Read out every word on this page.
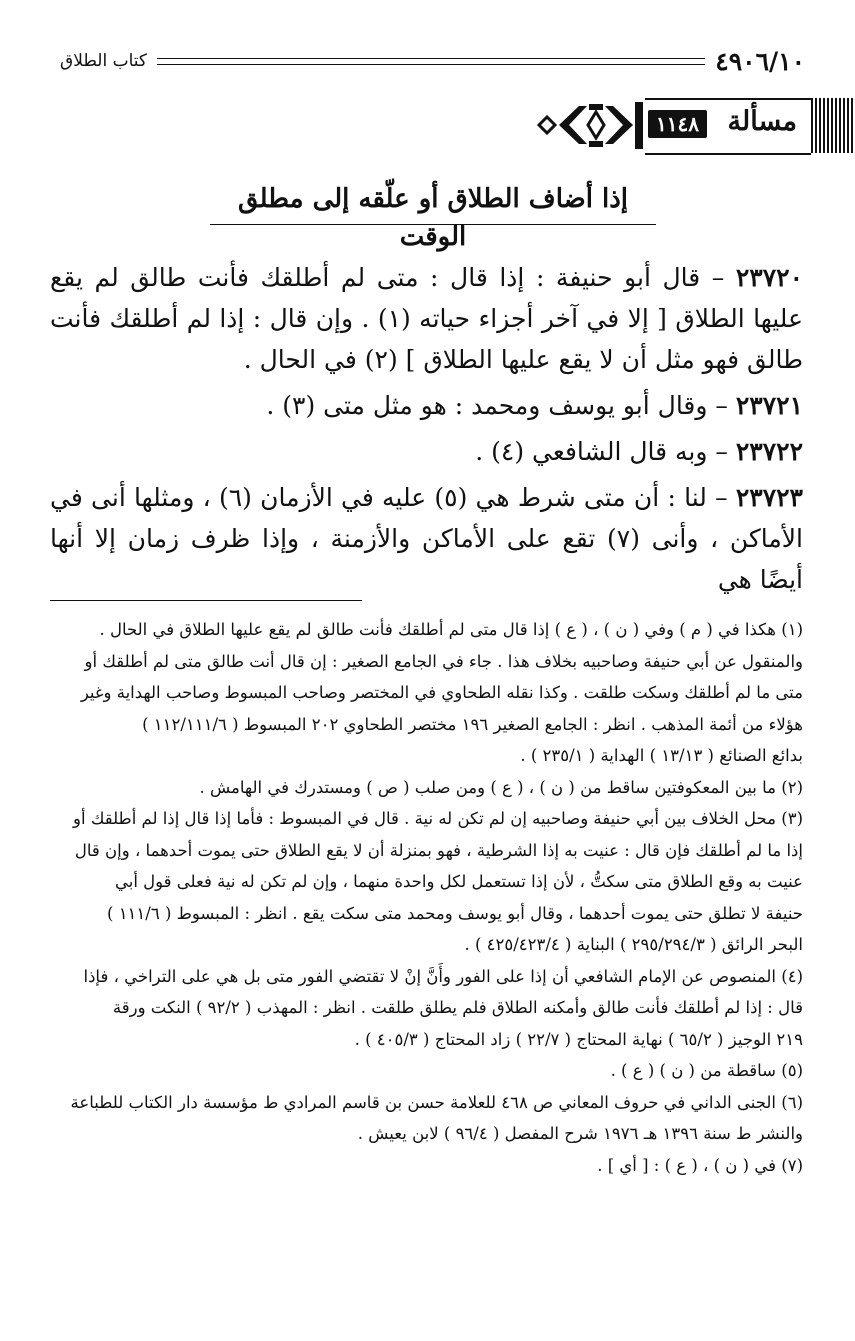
٤٩٠٦/١٠
كتاب الطلاق
مسألة
١١٤٨
إذا أضاف الطلاق أو علّقه إلى مطلق الوقت

٢٣٧٢٠ – قال أبو حنيفة : إذا قال : متى لم أطلقك فأنت طالق لم يقع عليها الطلاق [ إلا في آخر أجزاء حياته (١) . وإن قال : إذا لم أطلقك فأنت طالق فهو مثل أن لا يقع عليها الطلاق ] (٢) في الحال .

٢٣٧٢١ – وقال أبو يوسف ومحمد : هو مثل متى (٣) .

٢٣٧٢٢ – وبه قال الشافعي (٤) .

٢٣٧٢٣ – لنا : أن متى شرط هي (٥) عليه في الأزمان (٦) ، ومثلها أنى في الأماكن ، وأنى (٧) تقع على الأماكن والأزمنة ، وإذا ظرف زمان إلا أنها أيضًا هي

(١) هكذا في ( م ) وفي ( ن ) ، ( ع ) إذا قال متى لم أطلقك فأنت طالق لم يقع عليها الطلاق في الحال .

والمنقول عن أبي حنيفة وصاحبيه بخلاف هذا . جاء في الجامع الصغير : إن قال أنت طالق متى لم أطلقك أو

متى ما لم أطلقك وسكت طلقت . وكذا نقله الطحاوي في المختصر وصاحب المبسوط وصاحب الهداية وغير

هؤلاء من أئمة المذهب . انظر : الجامع الصغير ١٩٦ مختصر الطحاوي ٢٠٢ المبسوط ( ١١٢/١١١/٦ )

بدائع الصنائع ( ١٣/١٣ ) الهداية ( ٢٣٥/١ ) .

(٢) ما بين المعكوفتين ساقط من ( ن ) ، ( ع ) ومن صلب ( ص ) ومستدرك في الهامش .

(٣) محل الخلاف بين أبي حنيفة وصاحبيه إن لم تكن له نية . قال في المبسوط : فأما إذا قال إذا لم أطلقك أو

إذا ما لم أطلقك فإن قال : عنيت به إذا الشرطية ، فهو بمنزلة أن لا يقع الطلاق حتى يموت أحدهما ، وإن قال

عنيت به وقع الطلاق متى سكتُّ ، لأن إذا تستعمل لكل واحدة منهما ، وإن لم تكن له نية فعلى قول أبي

حنيفة لا تطلق حتى يموت أحدهما ، وقال أبو يوسف ومحمد متى سكت يقع . انظر : المبسوط ( ١١١/٦ )

البحر الرائق ( ٢٩٥/٢٩٤/٣ ) البناية ( ٤٢٥/٤٢٣/٤ ) .

(٤) المنصوص عن الإمام الشافعي أن إذا على الفور وأَنَّ إنْ لا تقتضي الفور متى بل هي على التراخي ، فإذا

قال : إذا لم أطلقك فأنت طالق وأمكنه الطلاق فلم يطلق طلقت . انظر : المهذب ( ٩٢/٢ ) النكت ورقة

٢١٩ الوجيز ( ٦٥/٢ ) نهاية المحتاج ( ٢٢/٧ ) زاد المحتاج ( ٤٠٥/٣ ) .

(٥) ساقطة من ( ن ) ( ع ) .

(٦) الجنى الداني في حروف المعاني ص ٤٦٨ للعلامة حسن بن قاسم المرادي ط مؤسسة دار الكتاب للطباعة

والنشر ط سنة ١٣٩٦ هـ ١٩٧٦ شرح المفصل ( ٩٦/٤ ) لابن يعيش .

(٧) في ( ن ) ، ( ع ) : [ أي ] .
